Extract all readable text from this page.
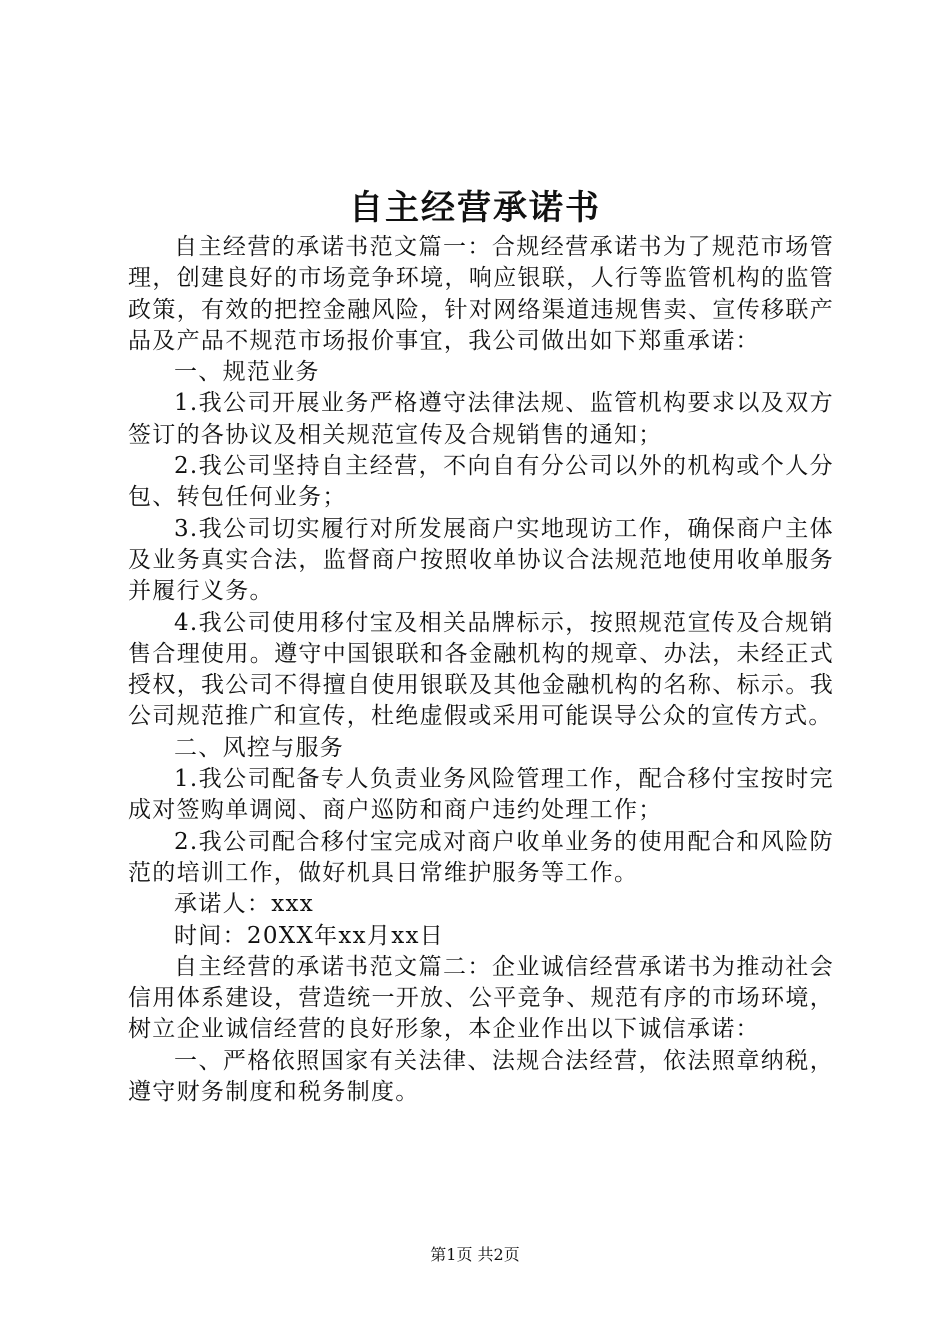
自主经营承诺书

自主经营的承诺书范文篇一：合规经营承诺书为了规范市场管理，创建良好的市场竞争环境，响应银联，人行等监管机构的监管政策，有效的把控金融风险，针对网络渠道违规售卖、宣传移联产品及产品不规范市场报价事宜，我公司做出如下郑重承诺：

一、规范业务

1.我公司开展业务严格遵守法律法规、监管机构要求以及双方签订的各协议及相关规范宣传及合规销售的通知；

2.我公司坚持自主经营，不向自有分公司以外的机构或个人分包、转包任何业务；

3.我公司切实履行对所发展商户实地现访工作，确保商户主体及业务真实合法，监督商户按照收单协议合法规范地使用收单服务并履行义务。

4.我公司使用移付宝及相关品牌标示，按照规范宣传及合规销售合理使用。遵守中国银联和各金融机构的规章、办法，未经正式授权，我公司不得擅自使用银联及其他金融机构的名称、标示。我公司规范推广和宣传，杜绝虚假或采用可能误导公众的宣传方式。

二、风控与服务

1.我公司配备专人负责业务风险管理工作，配合移付宝按时完成对签购单调阅、商户巡防和商户违约处理工作；

2.我公司配合移付宝完成对商户收单业务的使用配合和风险防范的培训工作，做好机具日常维护服务等工作。

承诺人：xxx

时间：20XX年xx月xx日

自主经营的承诺书范文篇二：企业诚信经营承诺书为推动社会信用体系建设，营造统一开放、公平竞争、规范有序的市场环境，树立企业诚信经营的良好形象，本企业作出以下诚信承诺：

一、严格依照国家有关法律、法规合法经营，依法照章纳税，遵守财务制度和税务制度。

第1页 共2页
